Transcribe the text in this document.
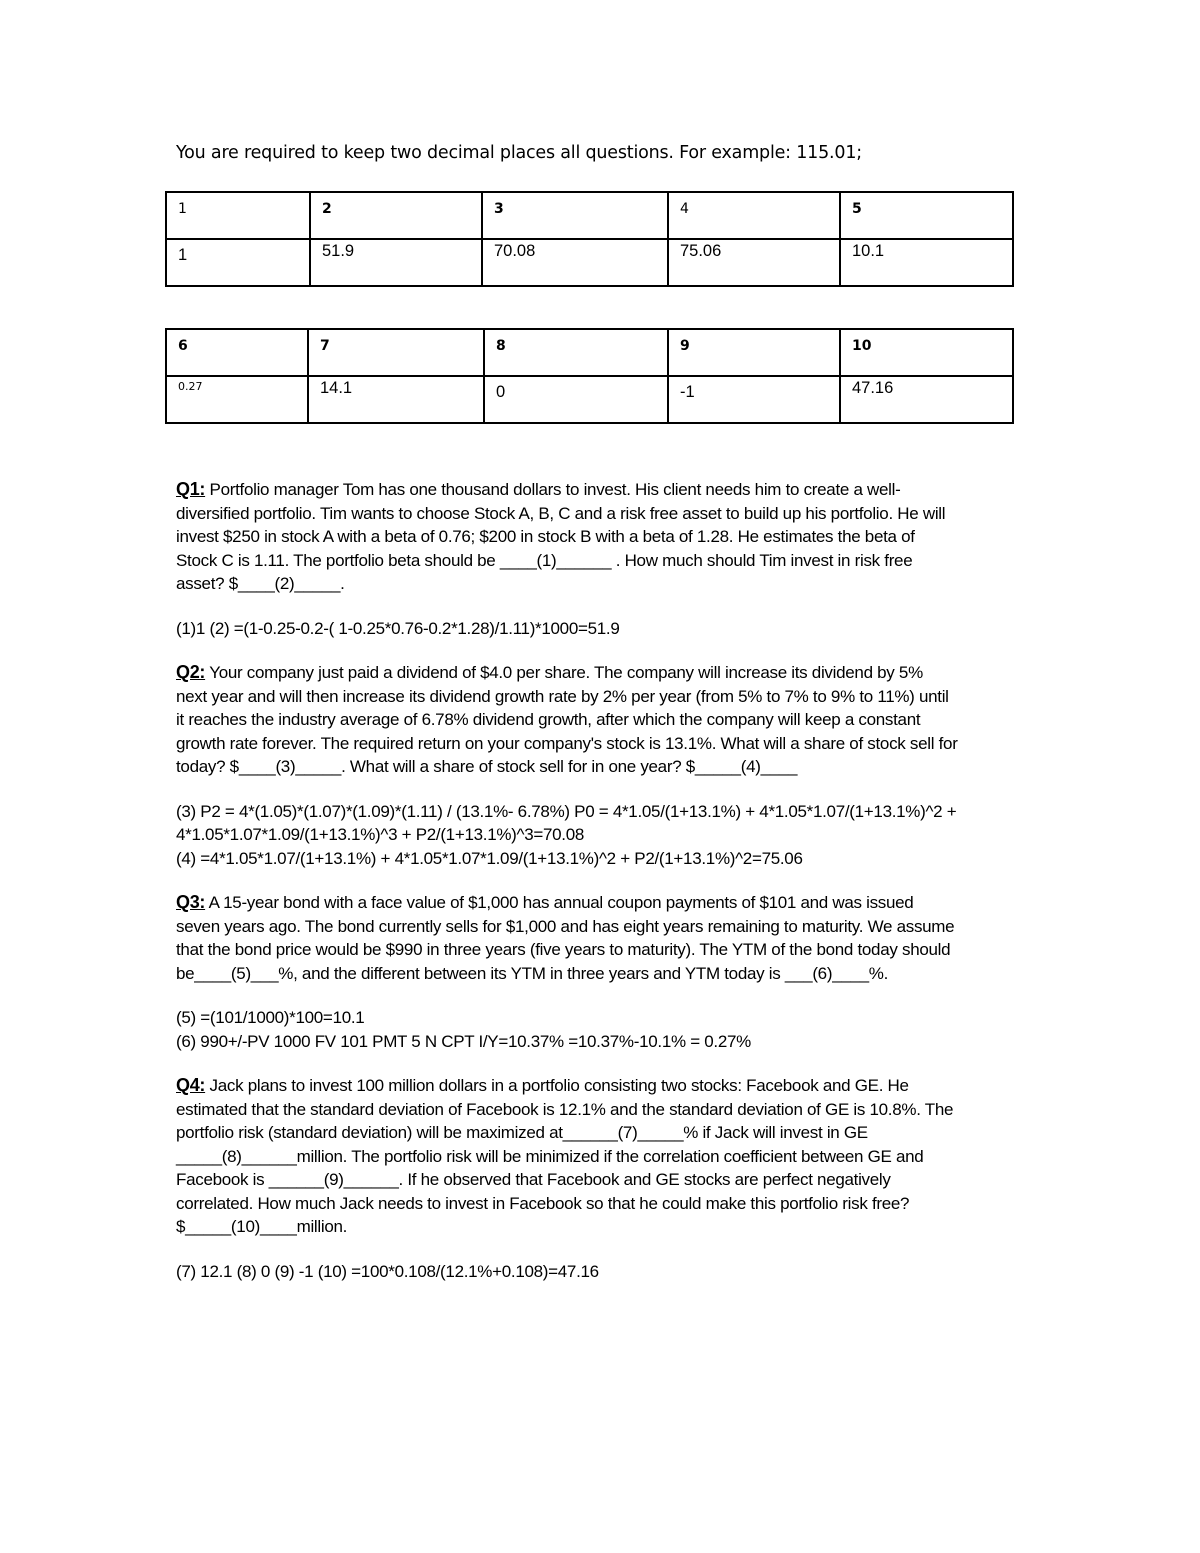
You are required to keep two decimal places all questions. For example: 115.01;
1	2	3	4	5

1	51.9	70.08	75.06	10.1
6	7	8	9	10

0.27	14.1	0	-1	47.16

Q1: Portfolio manager Tom has one thousand dollars to invest. His client needs him to create a well-

diversified portfolio. Tim wants to choose Stock A, B, C and a risk free asset to build up his portfolio. He will

invest $250 in stock A with a beta of 0.76; $200 in stock B with a beta of 1.28. He estimates the beta of

Stock C is 1.11. The portfolio beta should be ____(1)______ . How much should Tim invest in risk free

asset? $____(2)_____.

(1)1 (2) =(1-0.25-0.2-( 1-0.25*0.76-0.2*1.28)/1.11)*1000=51.9

Q2: Your company just paid a dividend of $4.0 per share. The company will increase its dividend by 5%

next year and will then increase its dividend growth rate by 2% per year (from 5% to 7% to 9% to 11%) until

it reaches the industry average of 6.78% dividend growth, after which the company will keep a constant

growth rate forever. The required return on your company's stock is 13.1%. What will a share of stock sell for

today? $____(3)_____. What will a share of stock sell for in one year? $_____(4)____

(3) P2 = 4*(1.05)*(1.07)*(1.09)*(1.11) / (13.1%- 6.78%) P0 = 4*1.05/(1+13.1%) + 4*1.05*1.07/(1+13.1%)^2 +

4*1.05*1.07*1.09/(1+13.1%)^3 + P2/(1+13.1%)^3=70.08

(4) =4*1.05*1.07/(1+13.1%) + 4*1.05*1.07*1.09/(1+13.1%)^2 + P2/(1+13.1%)^2=75.06

Q3: A 15-year bond with a face value of $1,000 has annual coupon payments of $101 and was issued

seven years ago. The bond currently sells for $1,000 and has eight years remaining to maturity. We assume

that the bond price would be $990 in three years (five years to maturity). The YTM of the bond today should

be____(5)___%, and the different between its YTM in three years and YTM today is ___(6)____%.

(5) =(101/1000)*100=10.1

(6) 990+/-PV 1000 FV 101 PMT 5 N CPT I/Y=10.37% =10.37%-10.1% = 0.27%

Q4: Jack plans to invest 100 million dollars in a portfolio consisting two stocks: Facebook and GE. He

estimated that the standard deviation of Facebook is 12.1% and the standard deviation of GE is 10.8%. The

portfolio risk (standard deviation) will be maximized at______(7)_____% if Jack will invest in GE

_____(8)______million. The portfolio risk will be minimized if the correlation coefficient between GE and

Facebook is ______(9)______. If he observed that Facebook and GE stocks are perfect negatively

correlated. How much Jack needs to invest in Facebook so that he could make this portfolio risk free?

$_____(10)____million.

(7) 12.1 (8) 0 (9) -1 (10) =100*0.108/(12.1%+0.108)=47.16
